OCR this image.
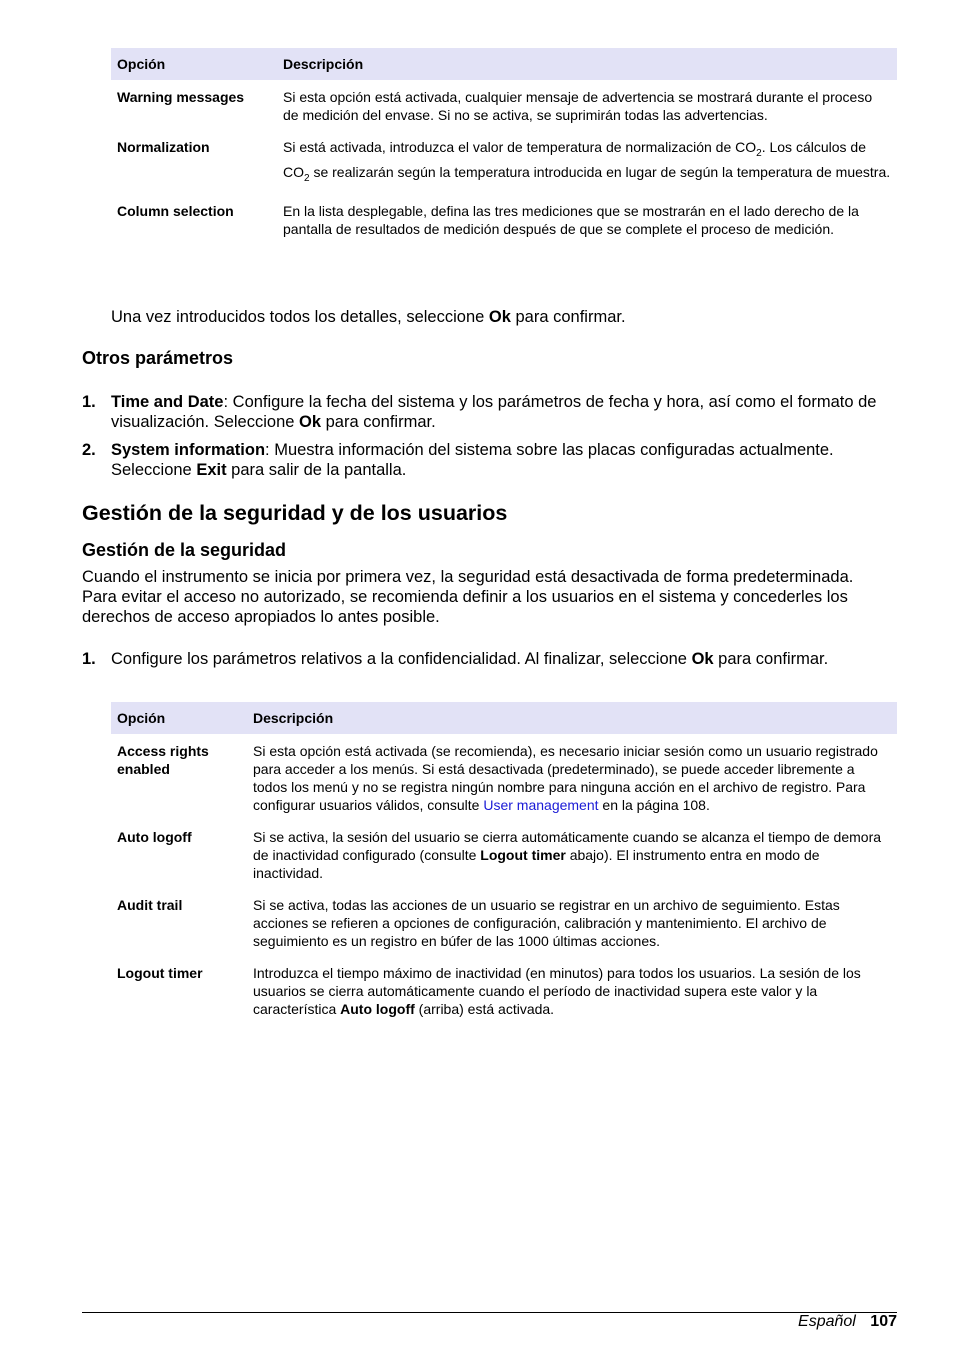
Opción	Descripción
Warning messages	Si esta opción está activada, cualquier mensaje de advertencia se mostrará durante el proceso de medición del envase. Si no se activa, se suprimirán todas las advertencias.
Normalization	Si está activada, introduzca el valor de temperatura de normalización de $CO_2$. Los cálculos de $CO_2$ se realizarán según la temperatura introducida en lugar de según la temperatura de muestra.
Column selection	En la lista desplegable, defina las tres mediciones que se mostrarán en el lado derecho de la pantalla de resultados de medición después de que se complete el proceso de medición.
Una vez introducidos todos los detalles, seleccione Ok para confirmar.
Otros parámetros
1. Time and Date: Configure la fecha del sistema y los parámetros de fecha y hora, así como el formato de visualización. Seleccione Ok para confirmar.
2. System information: Muestra información del sistema sobre las placas configuradas actualmente. Seleccione Exit para salir de la pantalla.
Gestión de la seguridad y de los usuarios
Gestión de la seguridad
Cuando el instrumento se inicia por primera vez, la seguridad está desactivada de forma predeterminada. Para evitar el acceso no autorizado, se recomienda definir a los usuarios en el sistema y concederles los derechos de acceso apropiados lo antes posible.
1. Configure los parámetros relativos a la confidencialidad. Al finalizar, seleccione Ok para confirmar.
Opción	Descripción
Access rights enabled	Si esta opción está activada (se recomienda), es necesario iniciar sesión como un usuario registrado para acceder a los menús. Si está desactivada (predeterminado), se puede acceder libremente a todos los menú y no se registra ningún nombre para ninguna acción en el archivo de registro. Para configurar usuarios válidos, consulte User management en la página 108.
Auto logoff	Si se activa, la sesión del usuario se cierra automáticamente cuando se alcanza el tiempo de demora de inactividad configurado (consulte Logout timer abajo). El instrumento entra en modo de inactividad.
Audit trail	Si se activa, todas las acciones de un usuario se registrar en un archivo de seguimiento. Estas acciones se refieren a opciones de configuración, calibración y mantenimiento. El archivo de seguimiento es un registro en búfer de las 1000 últimas acciones.
Logout timer	Introduzca el tiempo máximo de inactividad (en minutos) para todos los usuarios. La sesión de los usuarios se cierra automáticamente cuando el período de inactividad supera este valor y la característica Auto logoff (arriba) está activada.
Español 107
